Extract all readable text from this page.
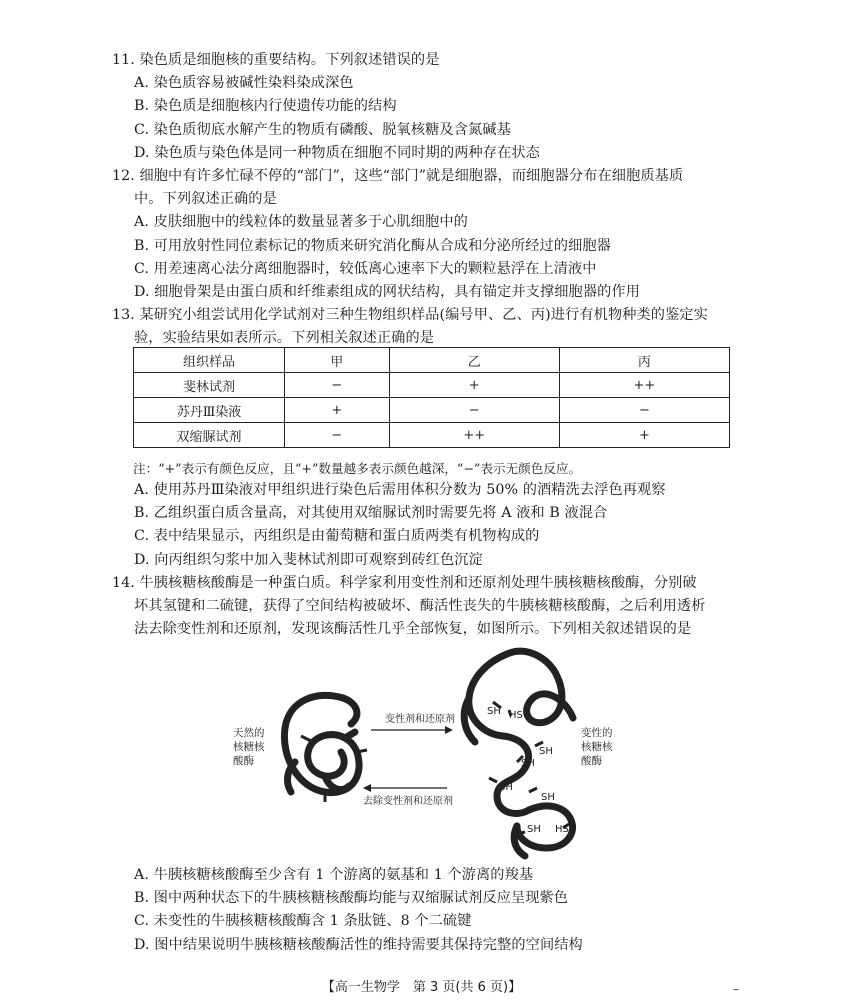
11. 染色质是细胞核的重要结构。下列叙述错误的是
A. 染色质容易被碱性染料染成深色
B. 染色质是细胞核内行使遗传功能的结构
C. 染色质彻底水解产生的物质有磷酸、脱氧核糖及含氮碱基
D. 染色质与染色体是同一种物质在细胞不同时期的两种存在状态
12. 细胞中有许多忙碌不停的“部门”，这些“部门”就是细胞器，而细胞器分布在细胞质基质
中。下列叙述正确的是
A. 皮肤细胞中的线粒体的数量显著多于心肌细胞中的
B. 可用放射性同位素标记的物质来研究消化酶从合成和分泌所经过的细胞器
C. 用差速离心法分离细胞器时，较低离心速率下大的颗粒悬浮在上清液中
D. 细胞骨架是由蛋白质和纤维素组成的网状结构，具有锚定并支撑细胞器的作用
13. 某研究小组尝试用化学试剂对三种生物组织样品(编号甲、乙、丙)进行有机物种类的鉴定实
验，实验结果如表所示。下列相关叙述正确的是
组织样品	甲	乙	丙
斐林试剂	−	+	++
苏丹Ⅲ染液	+	−	−
双缩脲试剂	−	++	+
注：“+”表示有颜色反应，且“+”数量越多表示颜色越深，“−”表示无颜色反应。
A. 使用苏丹Ⅲ染液对甲组织进行染色后需用体积分数为 50% 的酒精洗去浮色再观察
B. 乙组织蛋白质含量高，对其使用双缩脲试剂时需要先将 A 液和 B 液混合
C. 表中结果显示，丙组织是由葡萄糖和蛋白质两类有机物构成的
D. 向丙组织匀浆中加入斐林试剂即可观察到砖红色沉淀
14. 牛胰核糖核酸酶是一种蛋白质。科学家利用变性剂和还原剂处理牛胰核糖核酸酶，分别破
坏其氢键和二硫键，获得了空间结构被破坏、酶活性丧失的牛胰核糖核酸酶，之后利用透析
法去除变性剂和还原剂，发现该酶活性几乎全部恢复，如图所示。下列相关叙述错误的是
天然的
核糖核
酸酶
变性剂和还原剂
去除变性剂和还原剂
SH HS
SH
SH
SH
SH
SH HS
变性的
核糖核
酸酶
A. 牛胰核糖核酸酶至少含有 1 个游离的氨基和 1 个游离的羧基
B. 图中两种状态下的牛胰核糖核酸酶均能与双缩脲试剂反应呈现紫色
C. 未变性的牛胰核糖核酸酶含 1 条肽链、8 个二硫键
D. 图中结果说明牛胰核糖核酸酶活性的维持需要其保持完整的空间结构
【高一生物学　第 3 页(共 6 页)】	–
